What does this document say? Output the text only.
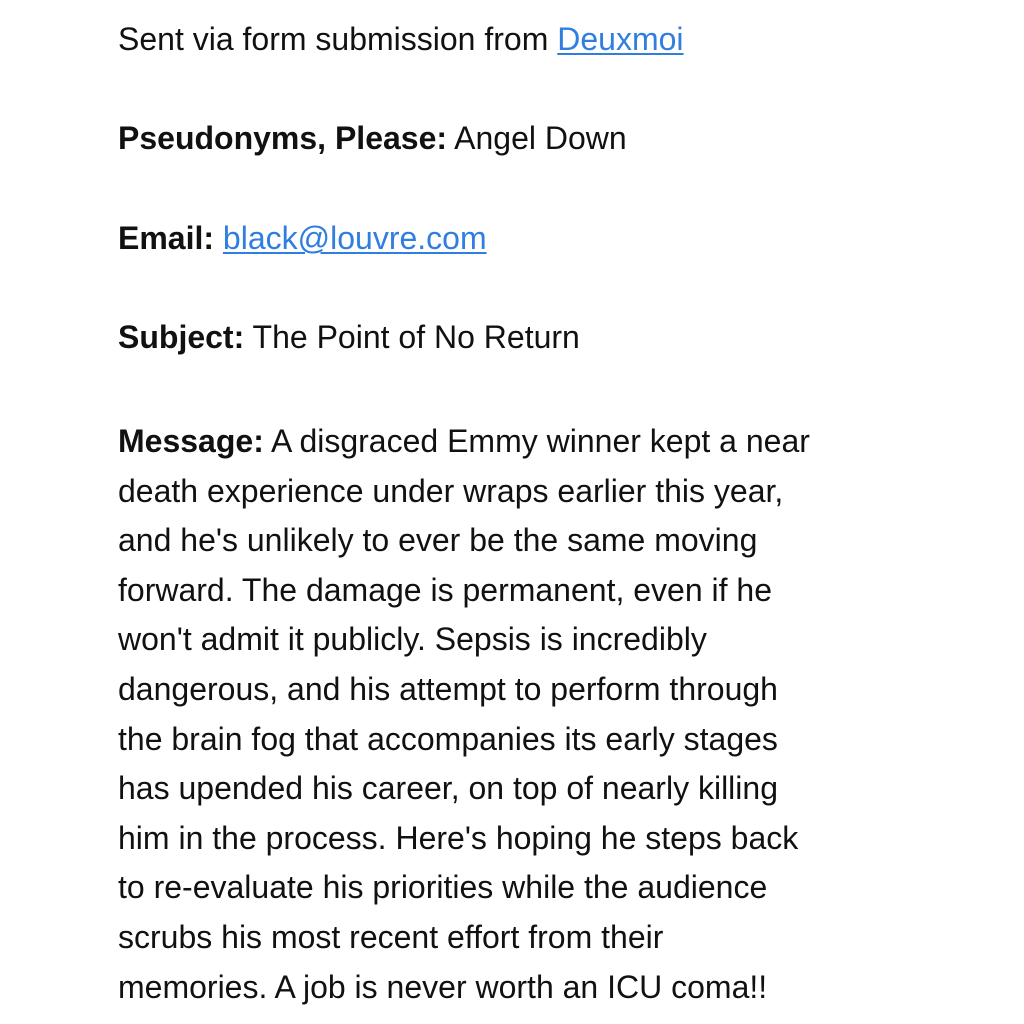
Sent via form submission from Deuxmoi
Pseudonyms, Please: Angel Down
Email: black@louvre.com
Subject: The Point of No Return
Message: A disgraced Emmy winner kept a near
death experience under wraps earlier this year,
and he's unlikely to ever be the same moving
forward. The damage is permanent, even if he
won't admit it publicly. Sepsis is incredibly
dangerous, and his attempt to perform through
the brain fog that accompanies its early stages
has upended his career, on top of nearly killing
him in the process. Here's hoping he steps back
to re-evaluate his priorities while the audience
scrubs his most recent effort from their
memories. A job is never worth an ICU coma!!
